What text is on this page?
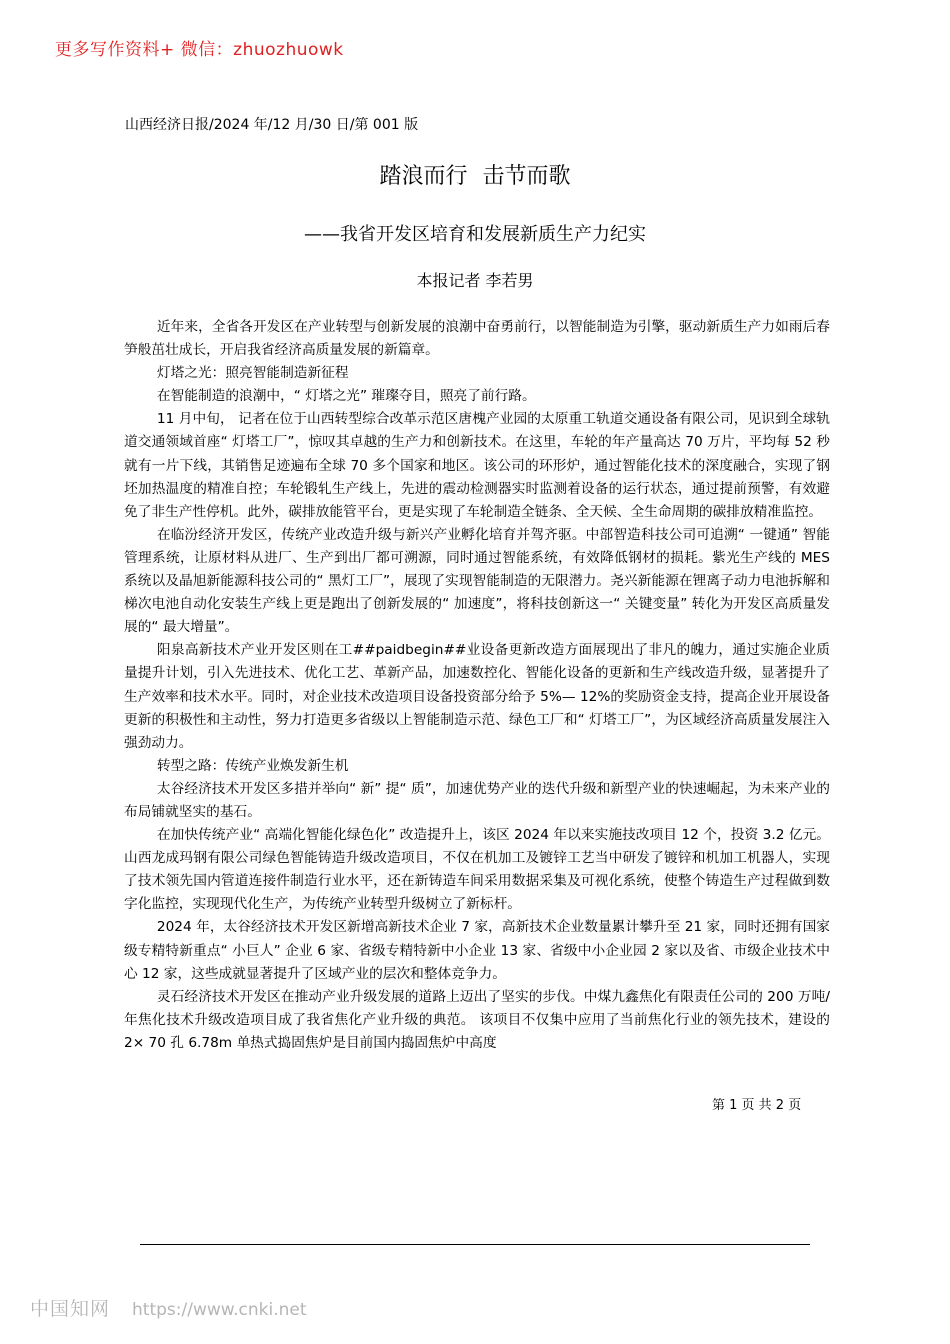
更多写作资料+ 微信：zhuozhuowk
山西经济日报/2024 年/12 月/30 日/第 001 版
踏浪而行 击节而歌
——我省开发区培育和发展新质生产力纪实
本报记者 李若男

近年来，全省各开发区在产业转型与创新发展的浪潮中奋勇前行，以智能制造为引擎，驱动新质生产力如雨后春笋般茁壮成长，开启我省经济高质量发展的新篇章。

灯塔之光：照亮智能制造新征程

在智能制造的浪潮中，“ 灯塔之光” 璀璨夺目，照亮了前行路。

11 月中旬， 记者在位于山西转型综合改革示范区唐槐产业园的太原重工轨道交通设备有限公司，见识到全球轨道交通领域首座“ 灯塔工厂”，惊叹其卓越的生产力和创新技术。在这里，车轮的年产量高达 70 万片，平均每 52 秒就有一片下线，其销售足迹遍布全球 70 多个国家和地区。该公司的环形炉，通过智能化技术的深度融合，实现了钢坯加热温度的精准自控；车轮锻轧生产线上，先进的震动检测器实时监测着设备的运行状态，通过提前预警，有效避免了非生产性停机。此外，碳排放能管平台，更是实现了车轮制造全链条、全天候、全生命周期的碳排放精准监控。

在临汾经济开发区，传统产业改造升级与新兴产业孵化培育并驾齐驱。中部智造科技公司可追溯“ 一键通” 智能管理系统，让原材料从进厂、生产到出厂都可溯源，同时通过智能系统，有效降低钢材的损耗。紫光生产线的 MES 系统以及晶旭新能源科技公司的“ 黑灯工厂”，展现了实现智能制造的无限潜力。尧兴新能源在锂离子动力电池拆解和梯次电池自动化安装生产线上更是跑出了创新发展的“ 加速度”，将科技创新这一“ 关键变量” 转化为开发区高质量发展的“ 最大增量”。

阳泉高新技术产业开发区则在工##paidbegin##业设备更新改造方面展现出了非凡的魄力，通过实施企业质量提升计划，引入先进技术、优化工艺、革新产品，加速数控化、智能化设备的更新和生产线改造升级，显著提升了生产效率和技术水平。同时，对企业技术改造项目设备投资部分给予 5%— 12%的奖励资金支持，提高企业开展设备更新的积极性和主动性，努力打造更多省级以上智能制造示范、绿色工厂和“ 灯塔工厂”，为区域经济高质量发展注入强劲动力。

转型之路：传统产业焕发新生机

太谷经济技术开发区多措并举向“ 新” 提“ 质”，加速优势产业的迭代升级和新型产业的快速崛起，为未来产业的布局铺就坚实的基石。

在加快传统产业“ 高端化智能化绿色化” 改造提升上，该区 2024 年以来实施技改项目 12 个，投资 3.2 亿元。山西龙成玛钢有限公司绿色智能铸造升级改造项目，不仅在机加工及镀锌工艺当中研发了镀锌和机加工机器人，实现了技术领先国内管道连接件制造行业水平，还在新铸造车间采用数据采集及可视化系统，使整个铸造生产过程做到数字化监控，实现现代化生产，为传统产业转型升级树立了新标杆。

2024 年，太谷经济技术开发区新增高新技术企业 7 家，高新技术企业数量累计攀升至 21 家，同时还拥有国家级专精特新重点“ 小巨人” 企业 6 家、省级专精特新中小企业 13 家、省级中小企业园 2 家以及省、市级企业技术中心 12 家，这些成就显著提升了区域产业的层次和整体竞争力。

灵石经济技术开发区在推动产业升级发展的道路上迈出了坚实的步伐。中煤九鑫焦化有限责任公司的 200 万吨/年焦化技术升级改造项目成了我省焦化产业升级的典范。 该项目不仅集中应用了当前焦化行业的领先技术，建设的 2× 70 孔 6.78m 单热式捣固焦炉是目前国内捣固焦炉中高度

第 1 页 共 2 页
中国知网 https://www.cnki.net
